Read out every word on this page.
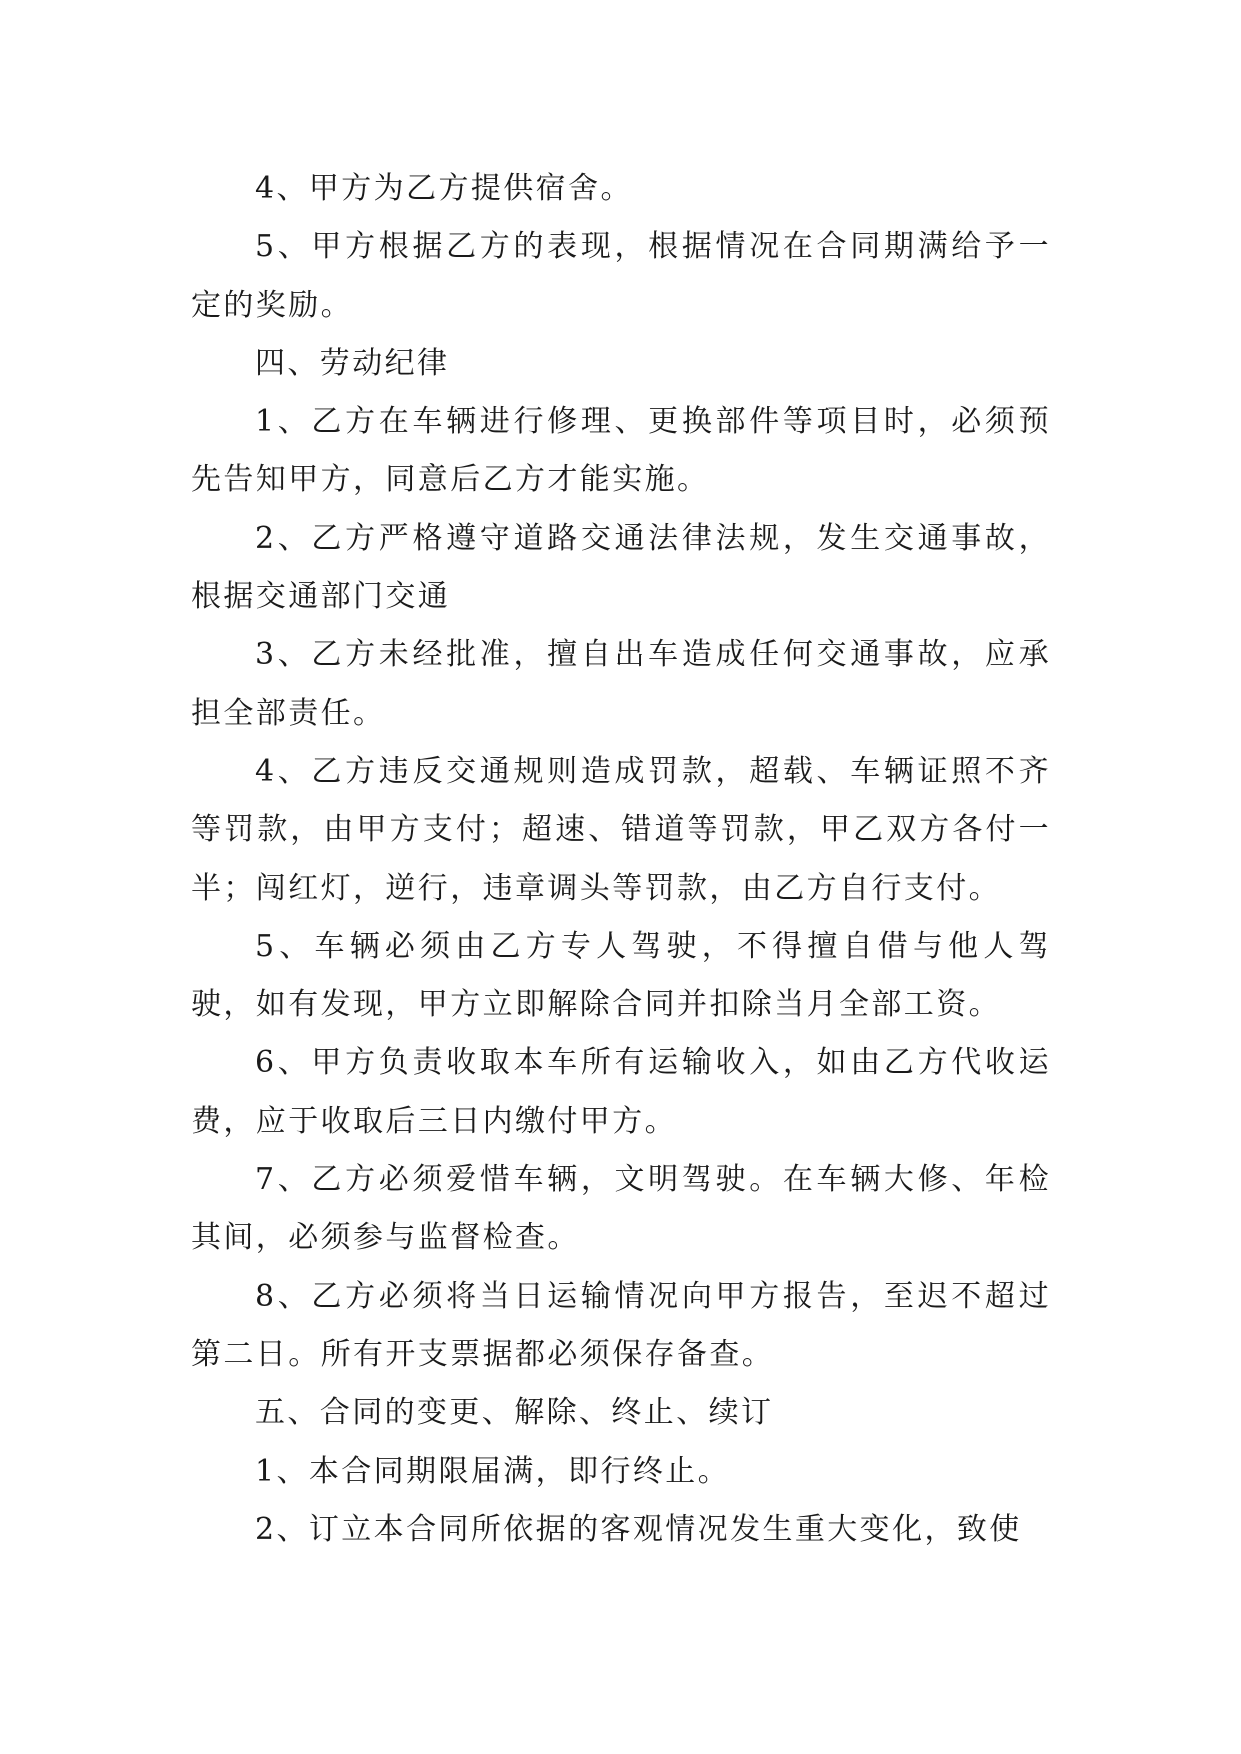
4、甲方为乙方提供宿舍。

5、甲方根据乙方的表现，根据情况在合同期满给予一定的奖励。

四、劳动纪律

1、乙方在车辆进行修理、更换部件等项目时，必须预先告知甲方，同意后乙方才能实施。

2、乙方严格遵守道路交通法律法规，发生交通事故，根据交通部门交通

3、乙方未经批准，擅自出车造成任何交通事故，应承担全部责任。

4、乙方违反交通规则造成罚款，超载、车辆证照不齐等罚款，由甲方支付；超速、错道等罚款，甲乙双方各付一半；闯红灯，逆行，违章调头等罚款，由乙方自行支付。

5、车辆必须由乙方专人驾驶，不得擅自借与他人驾驶，如有发现，甲方立即解除合同并扣除当月全部工资。

6、甲方负责收取本车所有运输收入，如由乙方代收运费，应于收取后三日内缴付甲方。

7、乙方必须爱惜车辆，文明驾驶。在车辆大修、年检其间，必须参与监督检查。

8、乙方必须将当日运输情况向甲方报告，至迟不超过第二日。所有开支票据都必须保存备查。

五、合同的变更、解除、终止、续订

1、本合同期限届满，即行终止。

2、订立本合同所依据的客观情况发生重大变化，致使
